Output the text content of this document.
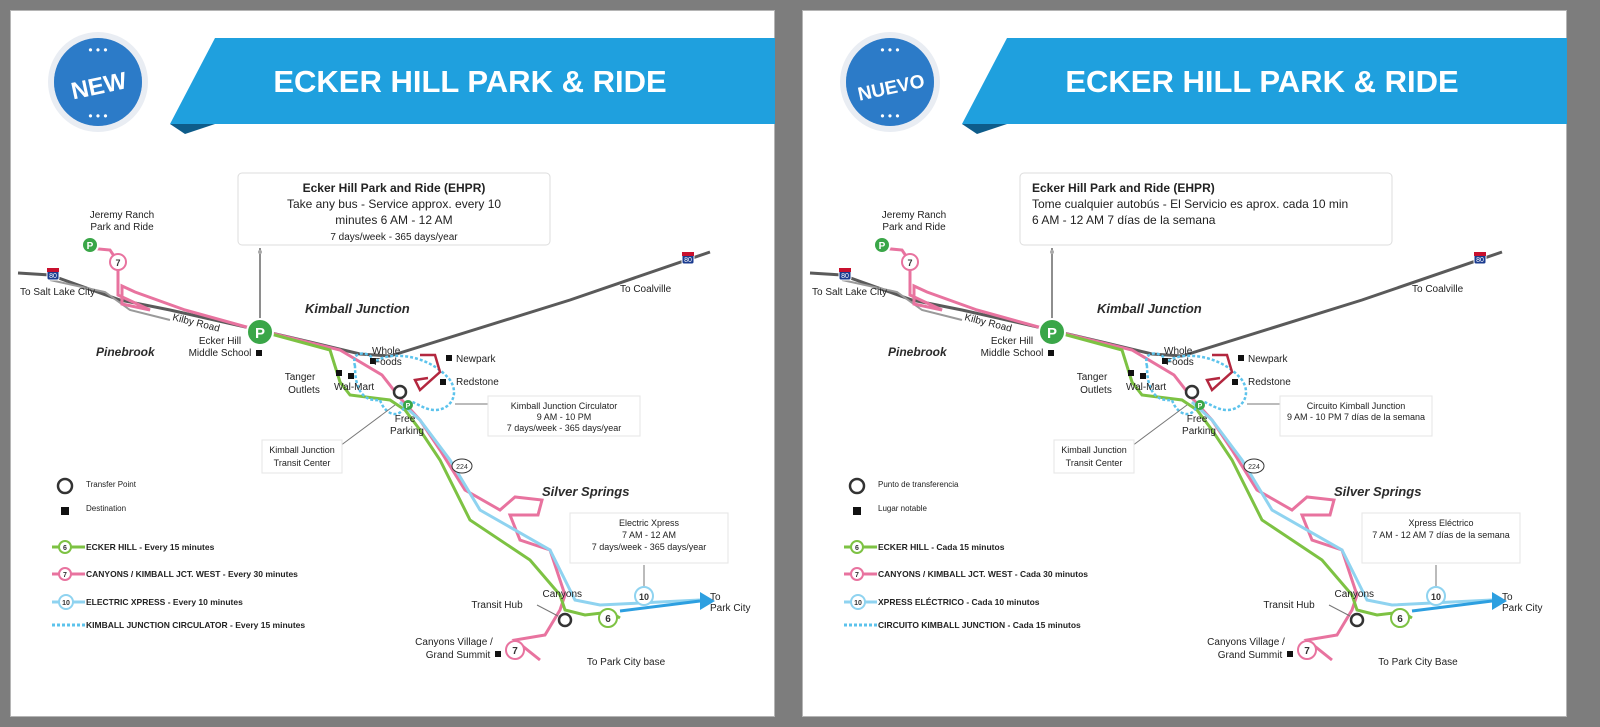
ECKER HILL PARK & RIDE
• • •
• • •
NEW
Ecker Hill Park and Ride (EHPR)
Take any bus - Service approx. every 10
minutes 6 AM - 12 AM
7 days/week - 365 days/year
80
80
224
P
P
P
7
10
6
7
Jeremy Ranch
Park and Ride
To Salt Lake City	To Coalville
Kilby Road
Ecker Hill
Middle School	Whole
Foods	Newpark
Redstone
Tanger
Outlets Wal-Mart
Free
Parking
Canyons
Transit Hub
Canyons Village /
Grand Summit
To
Park City
To Park City base
Kimball Junction
Pinebrook
Silver Springs
Kimball Junction Circulator
9 AM - 10 PM
7 days/week - 365 days/year
Kimball Junction
Transit Center
Electric Xpress
7 AM - 12 AM
7 days/week - 365 days/year
Transfer Point
Destination
6 ECKER HILL - Every 15 minutes
7 CANYONS / KIMBALL JCT. WEST - Every 30 minutes
10 ELECTRIC XPRESS - Every 10 minutes
KIMBALL JUNCTION CIRCULATOR - Every 15 minutes
ECKER HILL PARK & RIDE
• • •
• • •
NUEVO
Ecker Hill Park and Ride (EHPR)
Tome cualquier autobús - El Servicio es aprox. cada 10 min
6 AM - 12 AM 7 días de la semana
80
80
224
P
P
P
7
10
6
7
Jeremy Ranch
Park and Ride
To Salt Lake City	To Coalville
Kilby Road
Ecker Hill
Middle School	Whole
Foods	Newpark
Redstone
Tanger
Outlets Wal-Mart
Free
Parking
Canyons
Transit Hub
Canyons Village /
Grand Summit
To
Park City
To Park City Base
Kimball Junction
Pinebrook
Silver Springs
Circuito Kimball Junction
9 AM - 10 PM 7 días de la semana
Kimball Junction
Transit Center
Xpress Eléctrico
7 AM - 12 AM 7 días de la semana
Punto de transferencia
Lugar notable
6 ECKER HILL - Cada 15 minutos
7 CANYONS / KIMBALL JCT. WEST - Cada 30 minutos
10 XPRESS ELÉCTRICO - Cada 10 minutos
CIRCUITO KIMBALL JUNCTION - Cada 15 minutos
